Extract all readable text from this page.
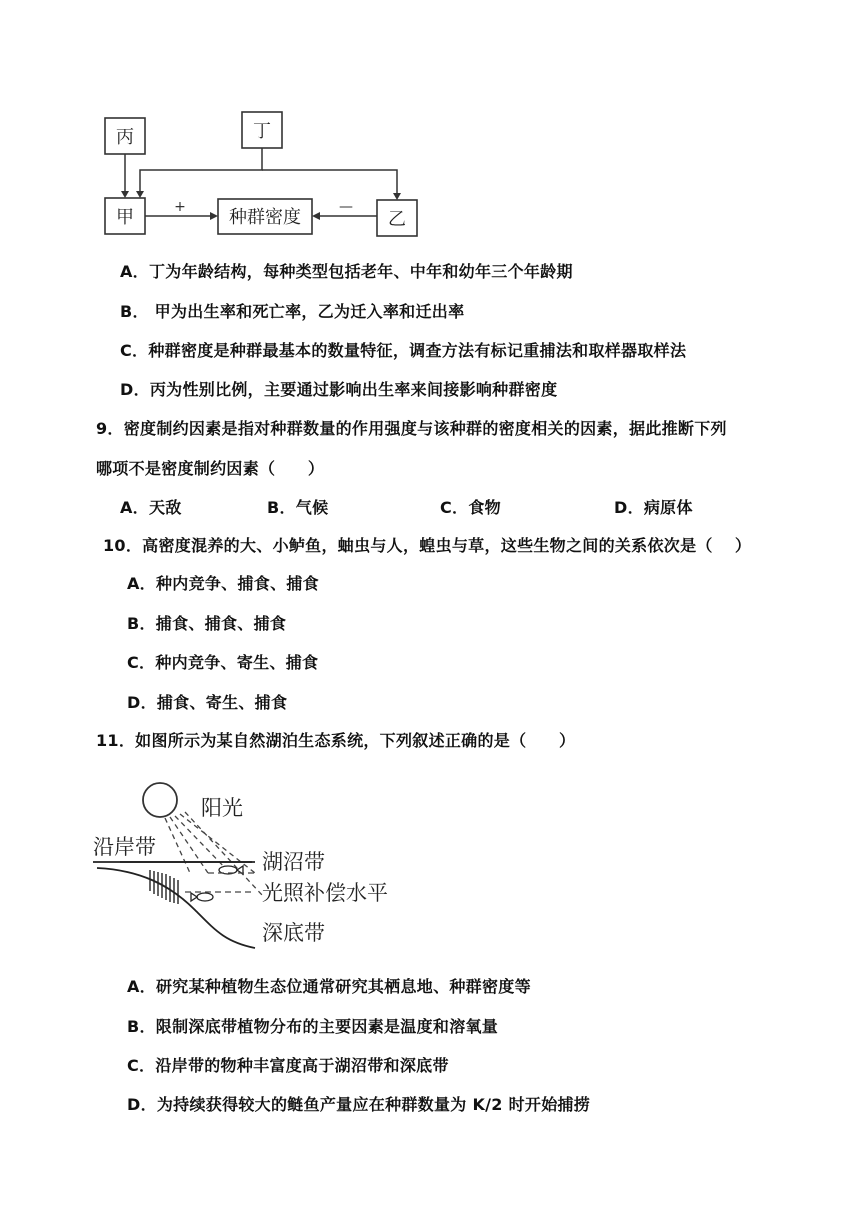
丙	丁
甲	种群密度	乙
+	—
A．丁为年龄结构，每种类型包括老年、中年和幼年三个年龄期
B． 甲为出生率和死亡率，乙为迁入率和迁出率
C．种群密度是种群最基本的数量特征，调查方法有标记重捕法和取样器取样法
D．丙为性别比例，主要通过影响出生率来间接影响种群密度
9．密度制约因素是指对种群数量的作用强度与该种群的密度相关的因素，据此推断下列
哪项不是密度制约因素（　　）
A．天敌	B．气候	C．食物	D．病原体
10．高密度混养的大、小鲈鱼，蚰虫与人，蝗虫与草，这些生物之间的关系依次是（　 ）
A．种内竞争、捕食、捕食
B．捕食、捕食、捕食
C．种内竞争、寄生、捕食
D．捕食、寄生、捕食
11．如图所示为某自然湖泊生态系统，下列叙述正确的是（　　）
阳光
沿岸带
湖沼带
光照补偿水平
深底带
A．研究某种植物生态位通常研究其栖息地、种群密度等
B．限制深底带植物分布的主要因素是温度和溶氧量
C．沿岸带的物种丰富度高于湖沼带和深底带
D．为持续获得较大的鲢鱼产量应在种群数量为 K/2 时开始捕捞
